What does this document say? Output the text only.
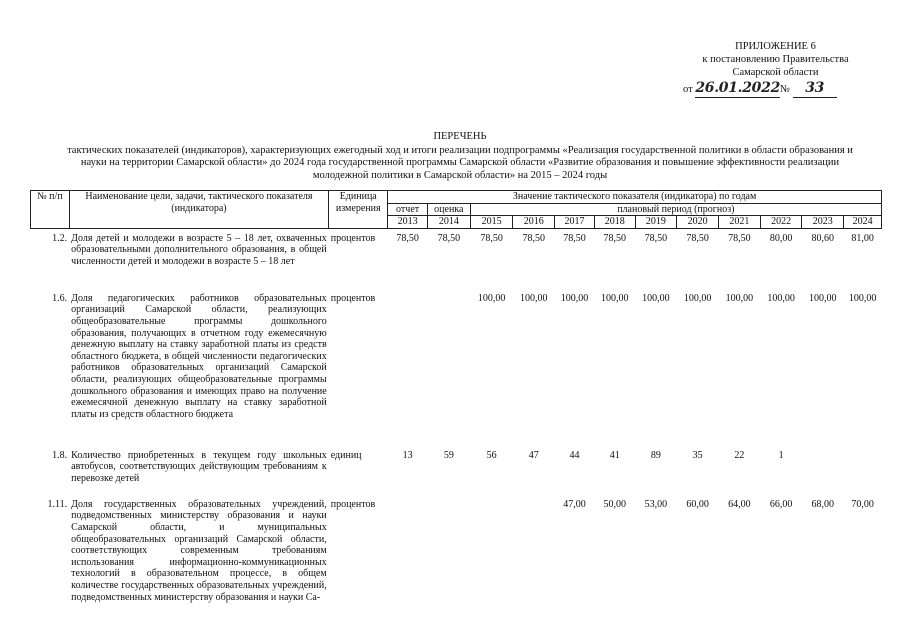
ПРИЛОЖЕНИЕ 6
к постановлению Правительства
Самарской области
от 26.01.2022№ 33
ПЕРЕЧЕНЬ
тактических показателей (индикаторов), характеризующих ежегодный ход и итоги реализации подпрограммы «Реализация государственной политики в области образования и науки на территории Самарской области» до 2024 года государственной программы Самарской области «Развитие образования и повышение эффективности реализации молодежной политики в Самарской области» на 2015 – 2024 годы
№ п/п	Наименование цели, задачи, тактического показателя (индикатора)	Единица измерения	Значение тактического показателя (индикатора) по годам											
			отчет	оценка	плановый период (прогноз)									
			2013	2014	2015	2016	2017	2018	2019	2020	2021	2022	2023	2024
1.2.	Доля детей и молодежи в возрасте 5 – 18 лет, охваченных образовательными дополнительного образования, в общей численности детей и молодежи в возрасте 5 – 18 лет	процентов	78,50	78,50	78,50	78,50	78,50	78,50	78,50	78,50	78,50	80,00	80,60	81,00
1.6.	Доля педагогических работников образовательных организаций Самарской области, реализующих общеобразовательные программы дошкольного образования, получающих в отчетном году ежемесячную денежную выплату на ставку заработной платы из средств областного бюджета, в общей численности педагогических работников образовательных организаций Самарской области, реализующих общеобразовательные программы дошкольного образования и имеющих право на получение ежемесячной денежную выплату на ставку заработной платы из средств областного бюджета	процентов			100,00	100,00	100,00	100,00	100,00	100,00	100,00	100,00	100,00	100,00
1.8.	Количество приобретенных в текущем году школьных автобусов, соответствующих действующим требованиям к перевозке детей	единиц	13	59	56	47	44	41	89	35	22	1		
1.11.	Доля государственных образовательных учреждений, подведомственных министерству образования и науки Самарской области, и муниципальных общеобразовательных организаций Самарской области, соответствующих современным требованиям использования информационно-коммуникационных технологий в образовательном процессе, в общем количестве государственных образовательных учреждений, подведомственных министерству образования и науки Са-	процентов					47,00	50,00	53,00	60,00	64,00	66,00	68,00	70,00
